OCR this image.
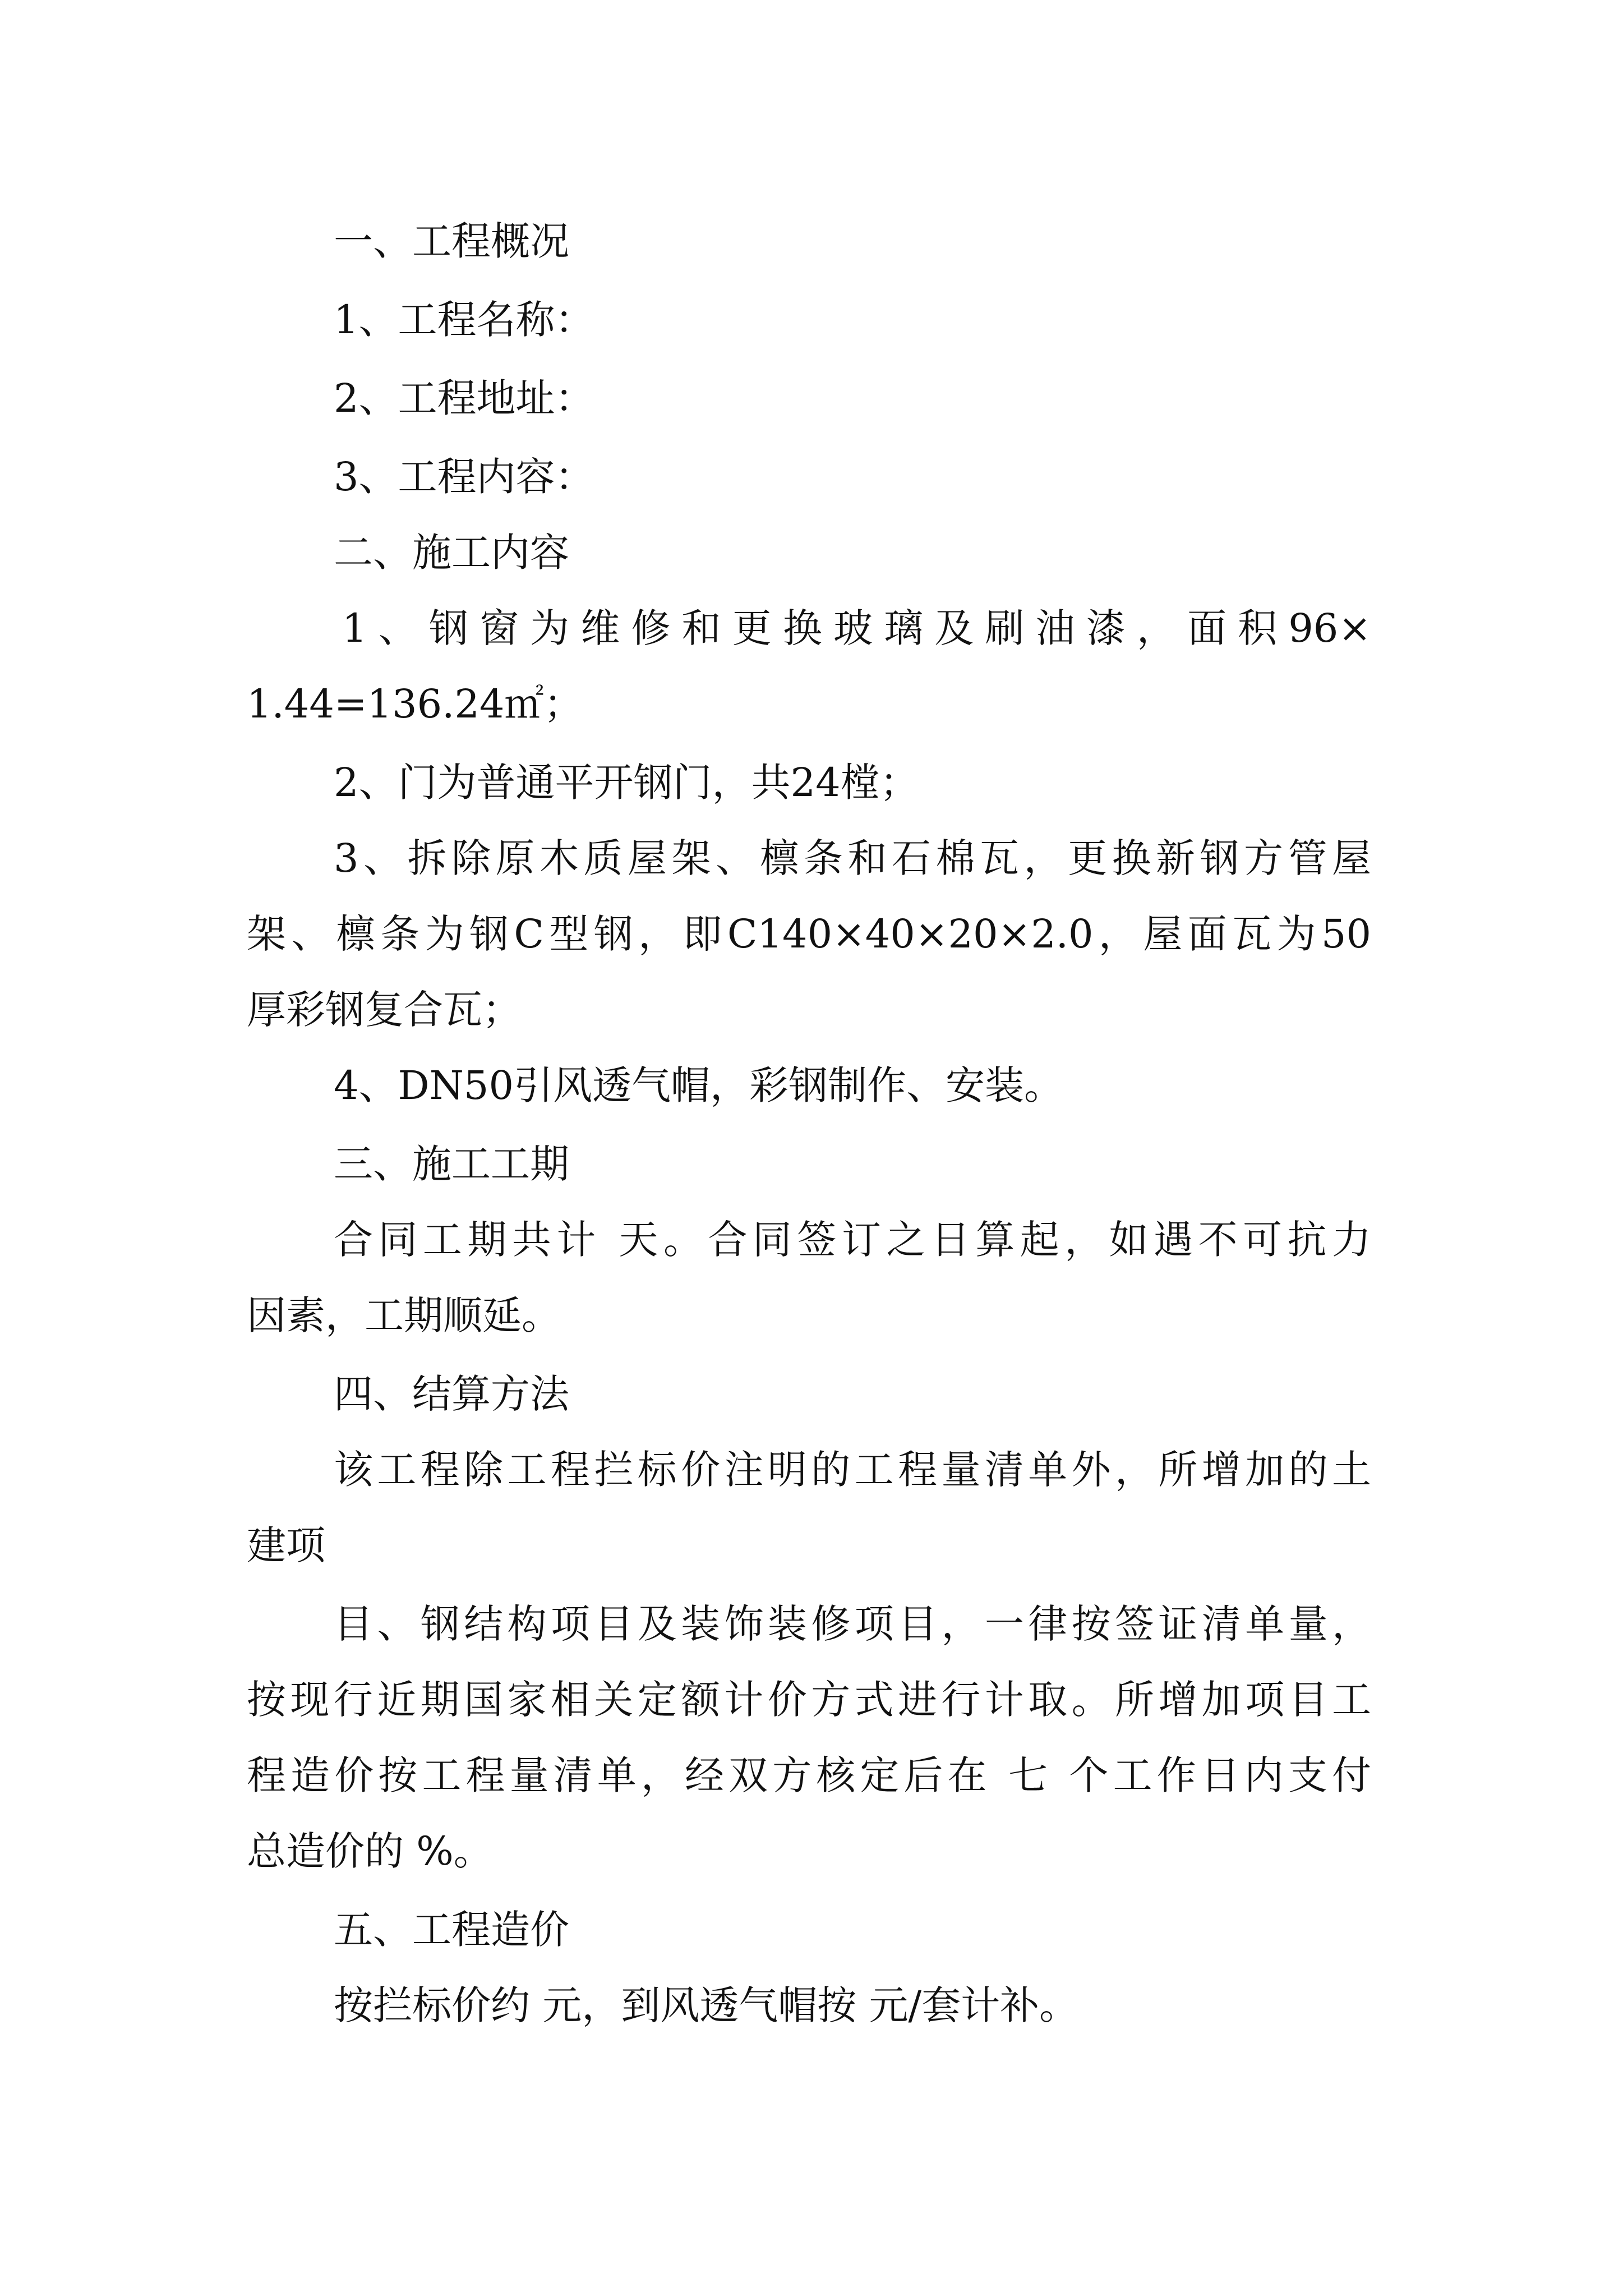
一、工程概况

1、工程名称：

2、工程地址：

3、工程内容：

二、施工内容

1、钢窗为维修和更换玻璃及刷油漆，面积96×

1.44=136.24㎡；

2、门为普通平开钢门，共24樘；

3、拆除原木质屋架、檩条和石棉瓦，更换新钢方管屋

架、檩条为钢C型钢，即C140×40×20×2.0，屋面瓦为50

厚彩钢复合瓦；

4、DN50引风透气帽，彩钢制作、安装。

三、施工工期

合同工期共计 天。合同签订之日算起，如遇不可抗力

因素，工期顺延。

四、结算方法

该工程除工程拦标价注明的工程量清单外，所增加的土

建项

目、钢结构项目及装饰装修项目，一律按签证清单量，

按现行近期国家相关定额计价方式进行计取。所增加项目工

程造价按工程量清单，经双方核定后在 七 个工作日内支付

总造价的 %。

五、工程造价

按拦标价约 元，到风透气帽按 元/套计补。
